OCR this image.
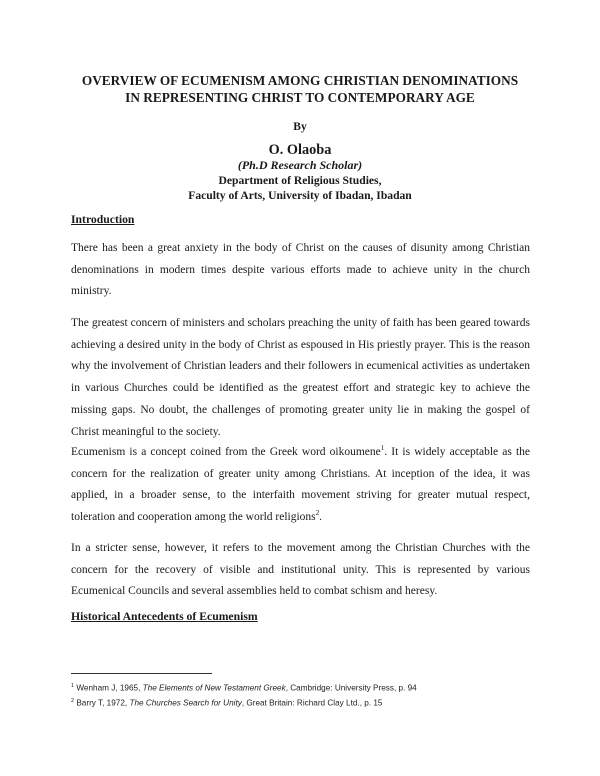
OVERVIEW OF ECUMENISM AMONG CHRISTIAN DENOMINATIONS
IN REPRESENTING CHRIST TO CONTEMPORARY AGE
By
O. Olaoba
(Ph.D Research Scholar)
Department of Religious Studies,
Faculty of Arts, University of Ibadan, Ibadan
Introduction

There has been a great anxiety in the body of Christ on the causes of disunity among Christian denominations in modern times despite various efforts made to achieve unity in the church ministry.

The greatest concern of ministers and scholars preaching the unity of faith has been geared towards achieving a desired unity in the body of Christ as espoused in His priestly prayer. This is the reason why the involvement of Christian leaders and their followers in ecumenical activities as undertaken in various Churches could be identified as the greatest effort and strategic key to achieve the missing gaps. No doubt, the challenges of promoting greater unity lie in making the gospel of Christ meaningful to the society.

Ecumenism is a concept coined from the Greek word oikoumene$^1$. It is widely acceptable as the concern for the realization of greater unity among Christians. At inception of the idea, it was applied, in a broader sense, to the interfaith movement striving for greater mutual respect, toleration and cooperation among the world religions$^2$.

In a stricter sense, however, it refers to the movement among the Christian Churches with the concern for the recovery of visible and institutional unity. This is represented by various Ecumenical Councils and several assemblies held to combat schism and heresy.

Historical Antecedents of Ecumenism
$^1$ Wenham J, 1965, The Elements of New Testament Greek, Cambridge: University Press, p. 94
$^2$ Barry T, 1972, The Churches Search for Unity, Great Britain: Richard Clay Ltd., p. 15
